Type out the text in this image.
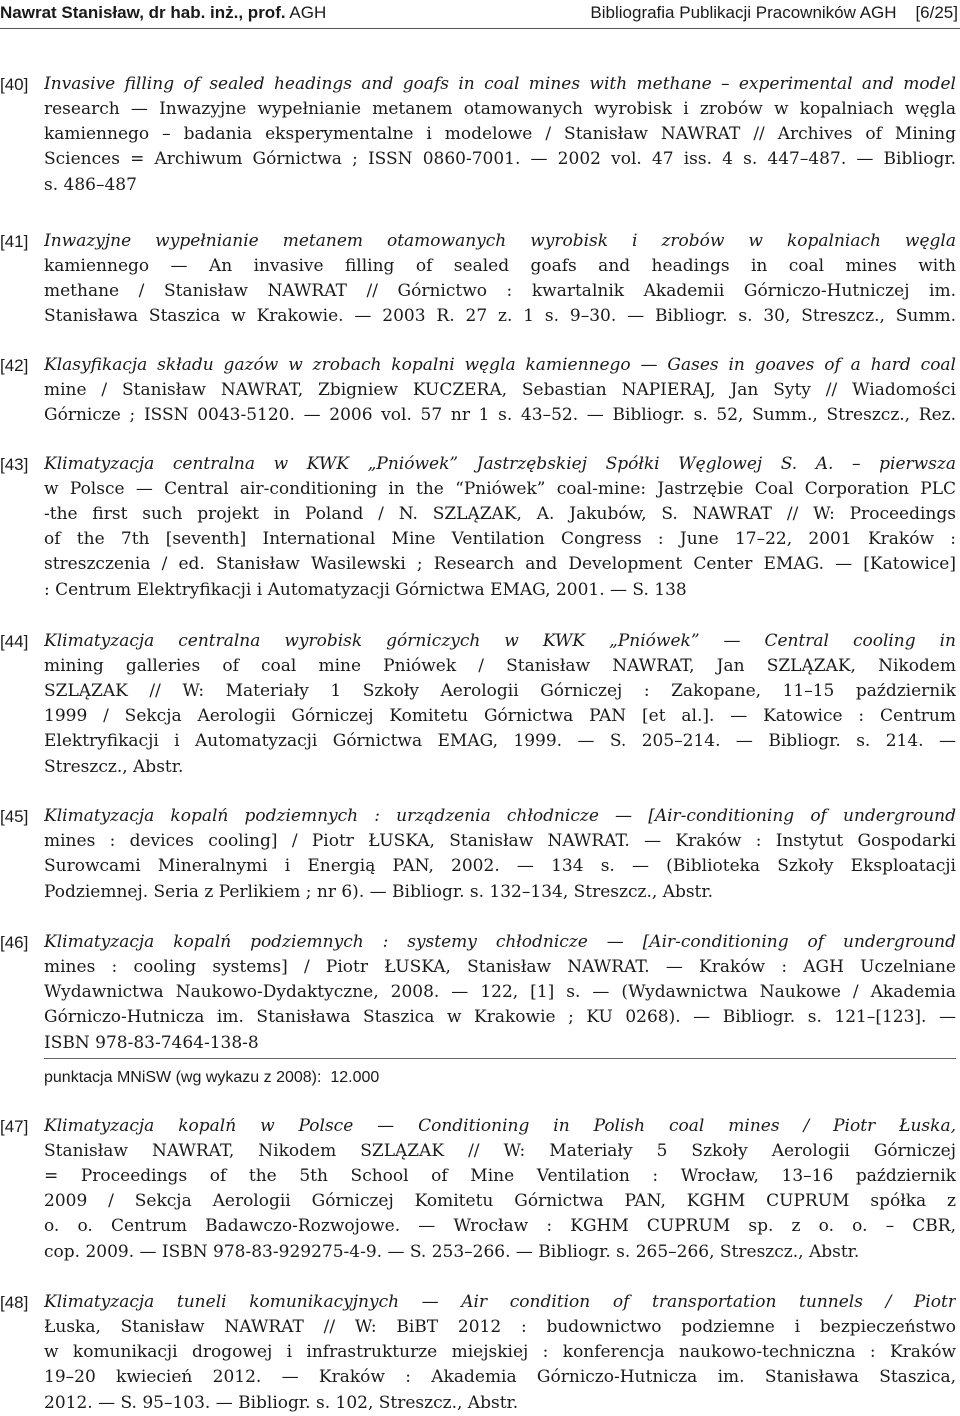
Nawrat Stanisław, dr hab. inż., prof. AGH	Bibliografia Publikacji Pracowników AGH [6/25]
[40] Invasive filling of sealed headings and goafs in coal mines with methane – experimental and model
research — Inwazyjne wypełnianie metanem otamowanych wyrobisk i zrobów w kopalniach węgla
kamiennego – badania eksperymentalne i modelowe / Stanisław NAWRAT // Archives of Mining
Sciences = Archiwum Górnictwa ; ISSN 0860-7001. — 2002 vol. 47 iss. 4 s. 447–487. — Bibliogr.
s. 486–487
[41] Inwazyjne wypełnianie metanem otamowanych wyrobisk i zrobów w kopalniach węgla
kamiennego — An invasive filling of sealed goafs and headings in coal mines with
methane / Stanisław NAWRAT // Górnictwo : kwartalnik Akademii Górniczo-Hutniczej im.
Stanisława Staszica w Krakowie. — 2003 R. 27 z. 1 s. 9–30. — Bibliogr. s. 30, Streszcz., Summ.
[42] Klasyfikacja składu gazów w zrobach kopalni węgla kamiennego — Gases in goaves of a hard coal
mine / Stanisław NAWRAT, Zbigniew KUCZERA, Sebastian NAPIERAJ, Jan Syty // Wiadomości
Górnicze ; ISSN 0043-5120. — 2006 vol. 57 nr 1 s. 43–52. — Bibliogr. s. 52, Summ., Streszcz., Rez.
[43] Klimatyzacja centralna w KWK „Pniówek” Jastrzębskiej Spółki Węglowej S. A. – pierwsza
w Polsce — Central air-conditioning in the “Pniówek” coal-mine: Jastrzębie Coal Corporation PLC
-the first such projekt in Poland / N. SZLĄZAK, A. Jakubów, S. NAWRAT // W: Proceedings
of the 7th [seventh] International Mine Ventilation Congress : June 17–22, 2001 Kraków :
streszczenia / ed. Stanisław Wasilewski ; Research and Development Center EMAG. — [Katowice]
: Centrum Elektryfikacji i Automatyzacji Górnictwa EMAG, 2001. — S. 138
[44] Klimatyzacja centralna wyrobisk górniczych w KWK „Pniówek” — Central cooling in
mining galleries of coal mine Pniówek / Stanisław NAWRAT, Jan SZLĄZAK, Nikodem
SZLĄZAK // W: Materiały 1 Szkoły Aerologii Górniczej : Zakopane, 11–15 październik
1999 / Sekcja Aerologii Górniczej Komitetu Górnictwa PAN [et al.]. — Katowice : Centrum
Elektryfikacji i Automatyzacji Górnictwa EMAG, 1999. — S. 205–214. — Bibliogr. s. 214. —
Streszcz., Abstr.
[45] Klimatyzacja kopalń podziemnych : urządzenia chłodnicze — [Air-conditioning of underground
mines : devices cooling] / Piotr ŁUSKA, Stanisław NAWRAT. — Kraków : Instytut Gospodarki
Surowcami Mineralnymi i Energią PAN, 2002. — 134 s. — (Biblioteka Szkoły Eksploatacji
Podziemnej. Seria z Perlikiem ; nr 6). — Bibliogr. s. 132–134, Streszcz., Abstr.
[46] Klimatyzacja kopalń podziemnych : systemy chłodnicze — [Air-conditioning of underground
mines : cooling systems] / Piotr ŁUSKA, Stanisław NAWRAT. — Kraków : AGH Uczelniane
Wydawnictwa Naukowo-Dydaktyczne, 2008. — 122, [1] s. — (Wydawnictwa Naukowe / Akademia
Górniczo-Hutnicza im. Stanisława Staszica w Krakowie ; KU 0268). — Bibliogr. s. 121–[123]. —
ISBN 978-83-7464-138-8
punktacja MNiSW (wg wykazu z 2008): 12.000
[47] Klimatyzacja kopalń w Polsce — Conditioning in Polish coal mines / Piotr Łuska,
Stanisław NAWRAT, Nikodem SZLĄZAK // W: Materiały 5 Szkoły Aerologii Górniczej
= Proceedings of the 5th School of Mine Ventilation : Wrocław, 13–16 październik
2009 / Sekcja Aerologii Górniczej Komitetu Górnictwa PAN, KGHM CUPRUM spółka z
o. o. Centrum Badawczo-Rozwojowe. — Wrocław : KGHM CUPRUM sp. z o. o. – CBR,
cop. 2009. — ISBN 978-83-929275-4-9. — S. 253–266. — Bibliogr. s. 265–266, Streszcz., Abstr.
[48] Klimatyzacja tuneli komunikacyjnych — Air condition of transportation tunnels / Piotr
Łuska, Stanisław NAWRAT // W: BiBT 2012 : budownictwo podziemne i bezpieczeństwo
w komunikacji drogowej i infrastrukturze miejskiej : konferencja naukowo-techniczna : Kraków
19–20 kwiecień 2012. — Kraków : Akademia Górniczo-Hutnicza im. Stanisława Staszica,
2012. — S. 95–103. — Bibliogr. s. 102, Streszcz., Abstr.
